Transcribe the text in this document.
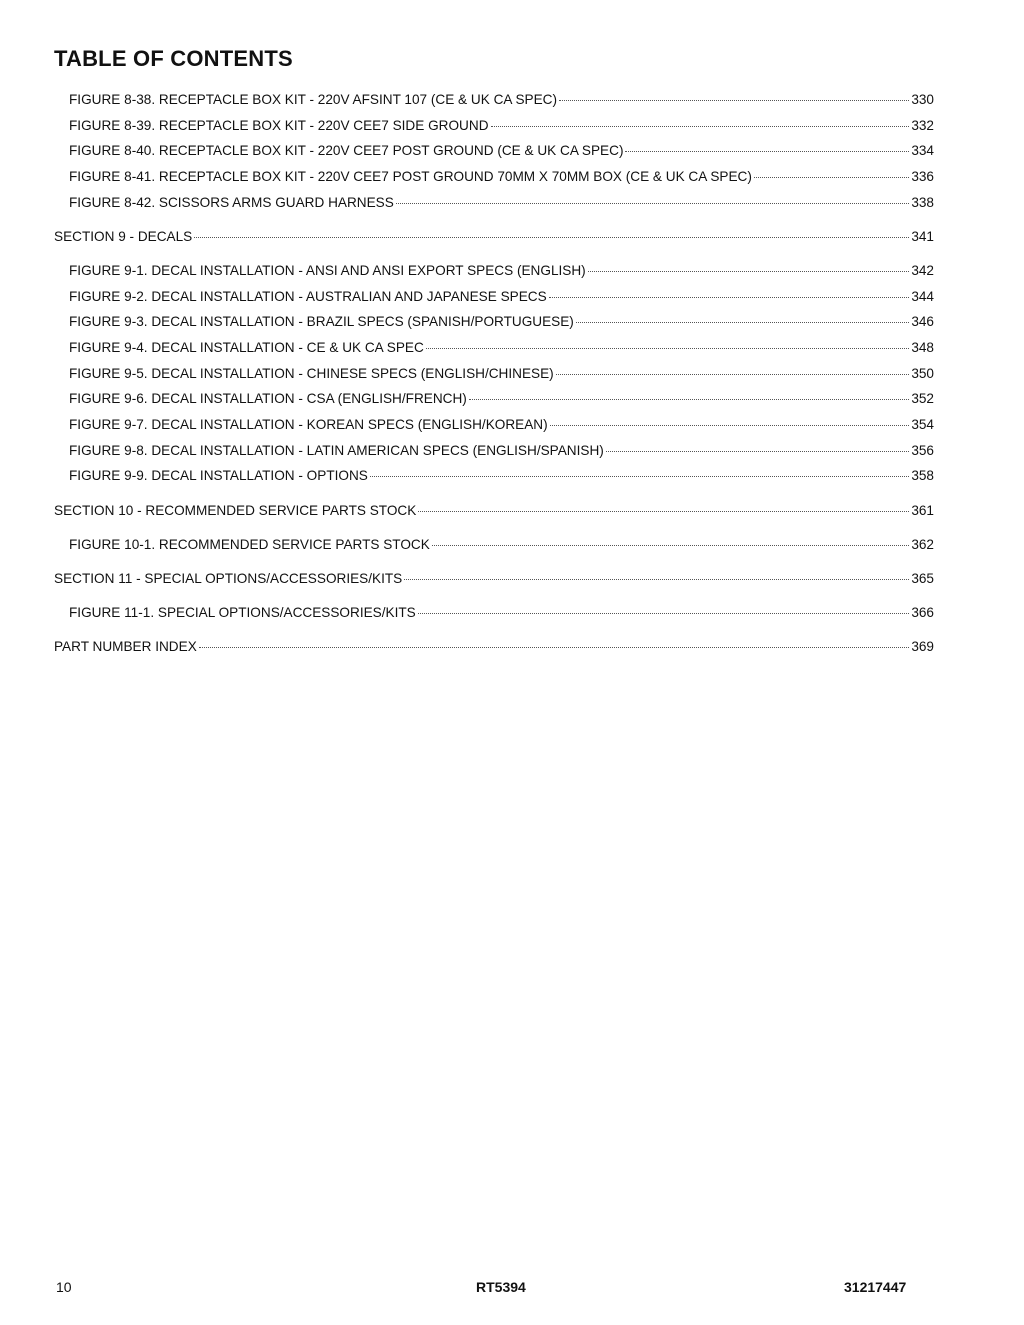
TABLE OF CONTENTS
FIGURE 8-38. RECEPTACLE BOX KIT - 220V AFSINT 107 (CE & UK CA SPEC)	330
FIGURE 8-39. RECEPTACLE BOX KIT - 220V CEE7 SIDE GROUND	332
FIGURE 8-40. RECEPTACLE BOX KIT - 220V CEE7 POST GROUND (CE & UK CA SPEC)	334
FIGURE 8-41. RECEPTACLE BOX KIT - 220V CEE7 POST GROUND 70MM X 70MM BOX (CE & UK CA SPEC)	336
FIGURE 8-42. SCISSORS ARMS GUARD HARNESS	338
SECTION 9 - DECALS	341
FIGURE 9-1. DECAL INSTALLATION - ANSI AND ANSI EXPORT SPECS (ENGLISH)	342
FIGURE 9-2. DECAL INSTALLATION - AUSTRALIAN AND JAPANESE SPECS	344
FIGURE 9-3. DECAL INSTALLATION - BRAZIL SPECS (SPANISH/PORTUGUESE)	346
FIGURE 9-4. DECAL INSTALLATION - CE & UK CA SPEC	348
FIGURE 9-5. DECAL INSTALLATION - CHINESE SPECS (ENGLISH/CHINESE)	350
FIGURE 9-6. DECAL INSTALLATION - CSA (ENGLISH/FRENCH)	352
FIGURE 9-7. DECAL INSTALLATION - KOREAN SPECS (ENGLISH/KOREAN)	354
FIGURE 9-8. DECAL INSTALLATION - LATIN AMERICAN SPECS (ENGLISH/SPANISH)	356
FIGURE 9-9. DECAL INSTALLATION - OPTIONS	358
SECTION 10 - RECOMMENDED SERVICE PARTS STOCK	361
FIGURE 10-1. RECOMMENDED SERVICE PARTS STOCK	362
SECTION 11 - SPECIAL OPTIONS/ACCESSORIES/KITS	365
FIGURE 11-1. SPECIAL OPTIONS/ACCESSORIES/KITS	366
PART NUMBER INDEX	369
10	RT5394	31217447
